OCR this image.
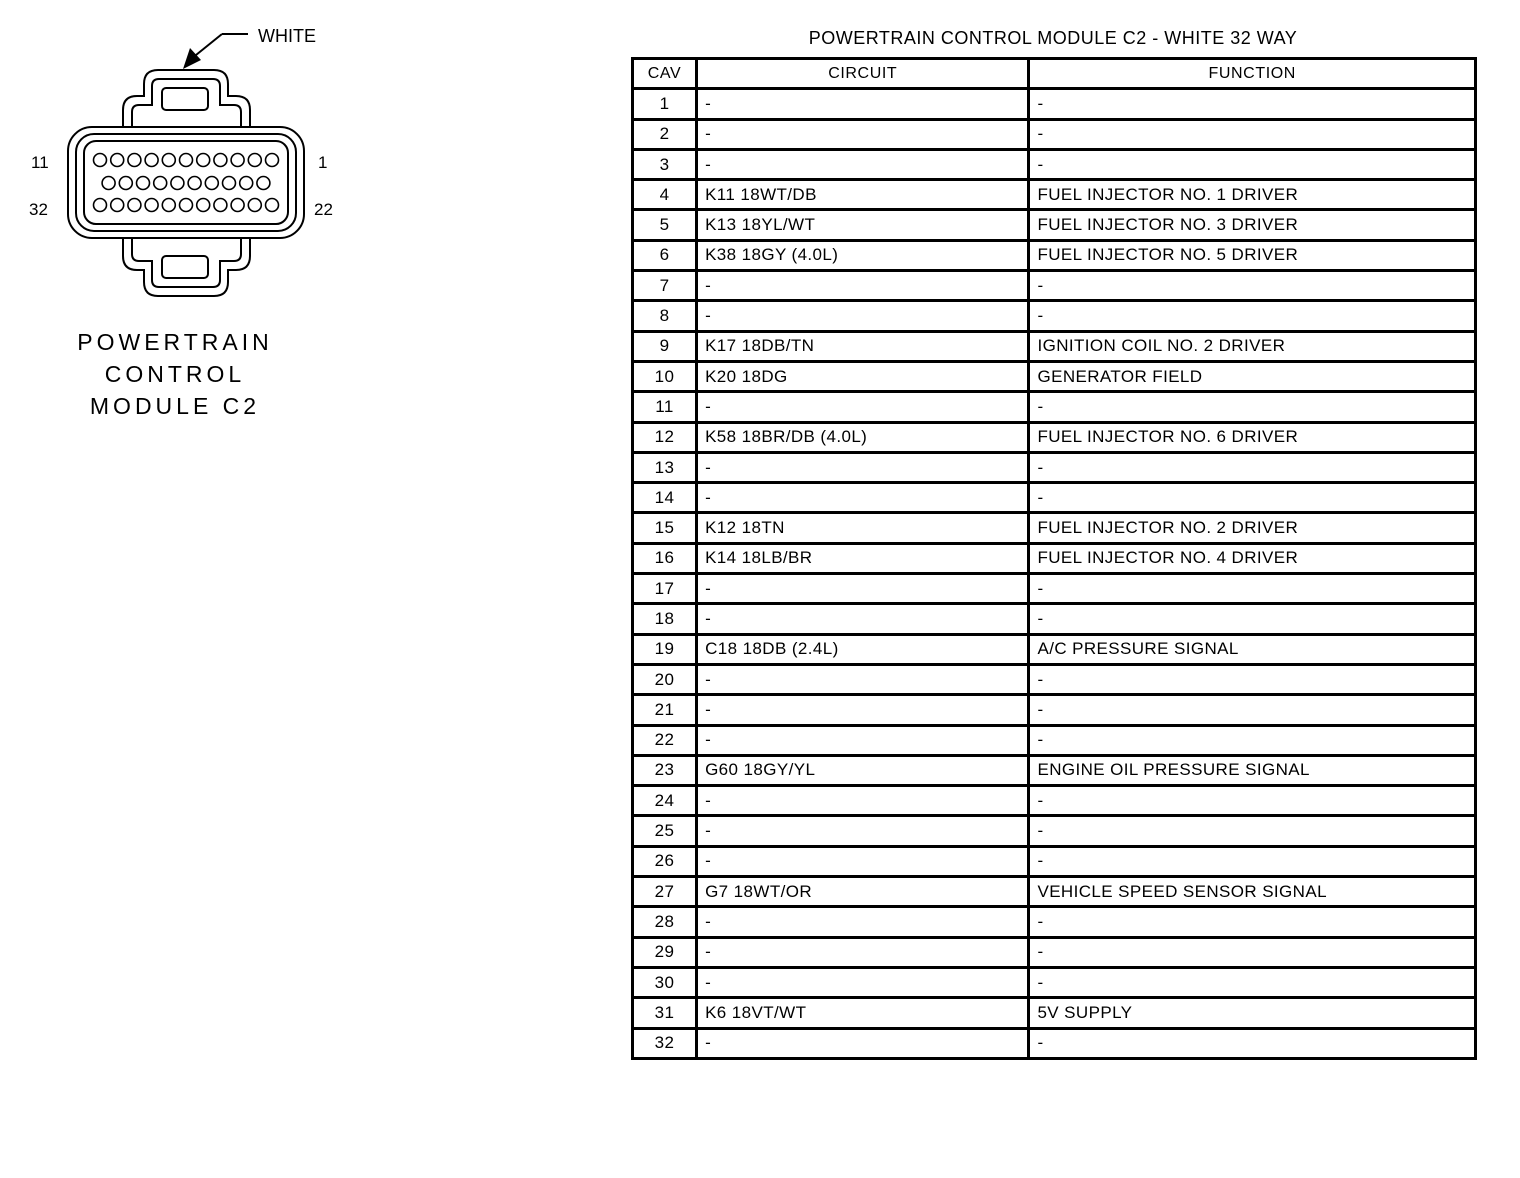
WHITE
11	1
32	22
POWERTRAIN
CONTROL
MODULE C2
POWERTRAIN CONTROL MODULE C2 - WHITE 32 WAY
CAV	CIRCUIT	FUNCTION
1	-	-
2	-	-
3	-	-
4	K11 18WT/DB	FUEL INJECTOR NO. 1 DRIVER
5	K13 18YL/WT	FUEL INJECTOR NO. 3 DRIVER
6	K38 18GY (4.0L)	FUEL INJECTOR NO. 5 DRIVER
7	-	-
8	-	-
9	K17 18DB/TN	IGNITION COIL NO. 2 DRIVER
10	K20 18DG	GENERATOR FIELD
11	-	-
12	K58 18BR/DB (4.0L)	FUEL INJECTOR NO. 6 DRIVER
13	-	-
14	-	-
15	K12 18TN	FUEL INJECTOR NO. 2 DRIVER
16	K14 18LB/BR	FUEL INJECTOR NO. 4 DRIVER
17	-	-
18	-	-
19	C18 18DB (2.4L)	A/C PRESSURE SIGNAL
20	-	-
21	-	-
22	-	-
23	G60 18GY/YL	ENGINE OIL PRESSURE SIGNAL
24	-	-
25	-	-
26	-	-
27	G7 18WT/OR	VEHICLE SPEED SENSOR SIGNAL
28	-	-
29	-	-
30	-	-
31	K6 18VT/WT	5V SUPPLY
32	-	-
